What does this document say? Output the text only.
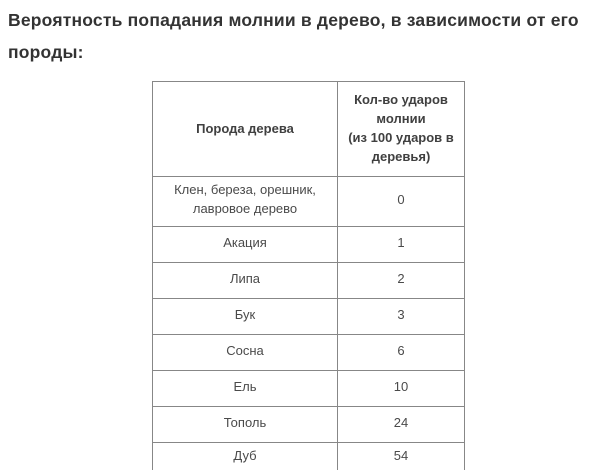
Вероятность попадания молнии в дерево, в зависимости от его породы:
Порода дерева	Кол-во ударов молнии
(из 100 ударов в деревья)

Клен, береза, орешник, лавровое дерево	0
Акация	1
Липа	2
Бук	3
Сосна	6
Ель	10
Тополь	24
Дуб	54
